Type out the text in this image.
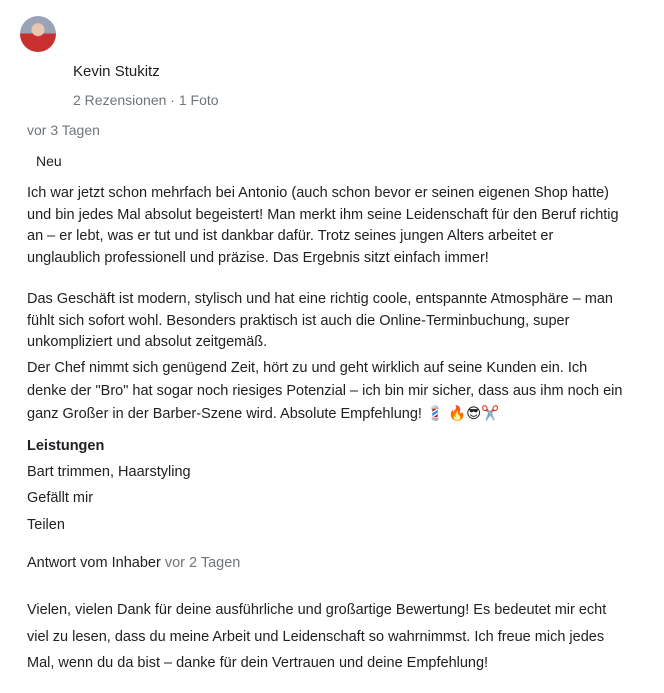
Kevin Stukitz
2 Rezensionen · 1 Foto
vor 3 Tagen
Neu
Ich war jetzt schon mehrfach bei Antonio (auch schon bevor er seinen eigenen Shop hatte)
und bin jedes Mal absolut begeistert! Man merkt ihm seine Leidenschaft für den Beruf richtig
an – er lebt, was er tut und ist dankbar dafür. Trotz seines jungen Alters arbeitet er
unglaublich professionell und präzise. Das Ergebnis sitzt einfach immer!
Das Geschäft ist modern, stylisch und hat eine richtig coole, entspannte Atmosphäre – man
fühlt sich sofort wohl. Besonders praktisch ist auch die Online-Terminbuchung, super
unkompliziert und absolut zeitgemäß.
Der Chef nimmt sich genügend Zeit, hört zu und geht wirklich auf seine Kunden ein. Ich
denke der "Bro" hat sogar noch riesiges Potenzial – ich bin mir sicher, dass aus ihm noch ein
ganz Großer in der Barber-Szene wird. Absolute Empfehlung! 💈 🔥😎✂️
Leistungen
Bart trimmen, Haarstyling
Gefällt mir
Teilen
Antwort vom Inhaber vor 2 Tagen
Vielen, vielen Dank für deine ausführliche und großartige Bewertung! Es bedeutet mir echt
viel zu lesen, dass du meine Arbeit und Leidenschaft so wahrnimmst. Ich freue mich jedes
Mal, wenn du da bist – danke für dein Vertrauen und deine Empfehlung!
